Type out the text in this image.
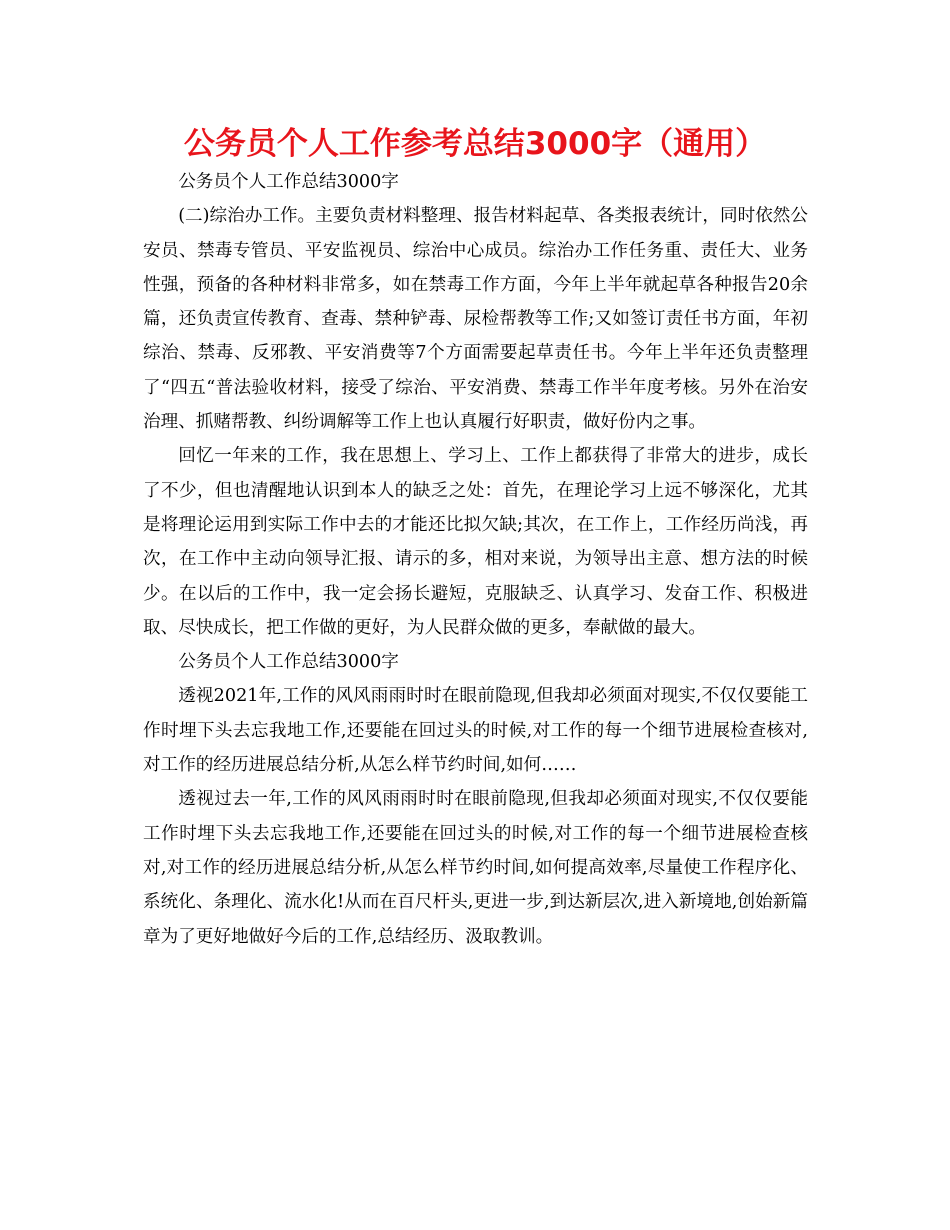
公务员个人工作参考总结3000字（通用）

公务员个人工作总结3000字

(二)综治办工作。主要负责材料整理、报告材料起草、各类报表统计，同时依然公安员、禁毒专管员、平安监视员、综治中心成员。综治办工作任务重、责任大、业务性强，预备的各种材料非常多，如在禁毒工作方面，今年上半年就起草各种报告20余篇，还负责宣传教育、查毒、禁种铲毒、尿检帮教等工作;又如签订责任书方面，年初综治、禁毒、反邪教、平安消费等7个方面需要起草责任书。今年上半年还负责整理了“四五“普法验收材料，接受了综治、平安消费、禁毒工作半年度考核。另外在治安治理、抓赌帮教、纠纷调解等工作上也认真履行好职责，做好份内之事。

回忆一年来的工作，我在思想上、学习上、工作上都获得了非常大的进步，成长了不少，但也清醒地认识到本人的缺乏之处：首先，在理论学习上远不够深化，尤其是将理论运用到实际工作中去的才能还比拟欠缺;其次，在工作上，工作经历尚浅，再次，在工作中主动向领导汇报、请示的多，相对来说，为领导出主意、想方法的时候少。在以后的工作中，我一定会扬长避短，克服缺乏、认真学习、发奋工作、积极进取、尽快成长，把工作做的更好，为人民群众做的更多，奉献做的最大。

公务员个人工作总结3000字

透视2021年,工作的风风雨雨时时在眼前隐现,但我却必须面对现实,不仅仅要能工作时埋下头去忘我地工作,还要能在回过头的时候,对工作的每一个细节进展检查核对,对工作的经历进展总结分析,从怎么样节约时间,如何……

透视过去一年,工作的风风雨雨时时在眼前隐现,但我却必须面对现实,不仅仅要能工作时埋下头去忘我地工作,还要能在回过头的时候,对工作的每一个细节进展检查核对,对工作的经历进展总结分析,从怎么样节约时间,如何提高效率,尽量使工作程序化、系统化、条理化、流水化!从而在百尺杆头,更进一步,到达新层次,进入新境地,创始新篇章为了更好地做好今后的工作,总结经历、汲取教训。
